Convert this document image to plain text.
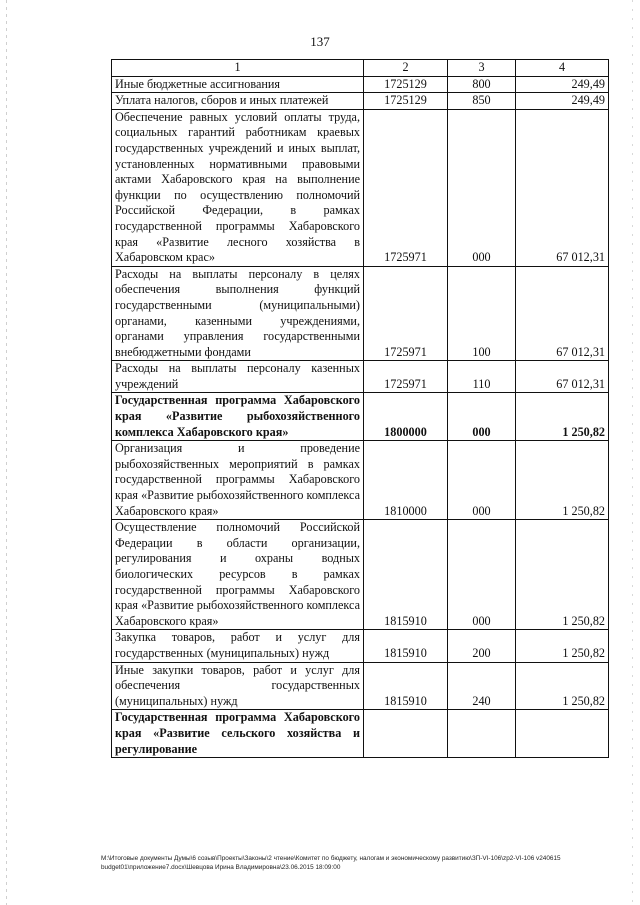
137
1	2	3	4
Иные бюджетные ассигнования	1725129	800	249,49
Уплата налогов, сборов и иных платежей	1725129	850	249,49
Обеспечение равных условий оплаты труда, социальных гарантий работникам краевых государственных учреждений и иных выплат, установленных нормативными правовыми актами Хабаровского края на выполнение функции по осуществлению полномочий Российской Федерации, в рамках государственной программы Хабаровского края «Развитие лесного хозяйства в Хабаровском крас»	1725971	000	67 012,31
Расходы на выплаты персоналу в целях обеспечения выполнения функций государственными (муниципальными) органами, казенными учреждениями, органами управления государственными внебюджетными фондами	1725971	100	67 012,31
Расходы на выплаты персоналу казенных учреждений	1725971	110	67 012,31
Государственная программа Хабаровского края «Развитие рыбохозяйственного комплекса Хабаровского края»	1800000	000	1 250,82
Организация и проведение рыбохозяйственных мероприятий в рамках государственной программы Хабаровского края «Развитие рыбохозяйственного комплекса Хабаровского края»	1810000	000	1 250,82
Осуществление полномочий Российской Федерации в области организации, регулирования и охраны водных биологических ресурсов в рамках государственной программы Хабаровского края «Развитие рыбохозяйственного комплекса Хабаровского края»	1815910	000	1 250,82
Закупка товаров, работ и услуг для государственных (муниципальных) нужд	1815910	200	1 250,82
Иные закупки товаров, работ и услуг для обеспечения государственных (муниципальных) нужд	1815910	240	1 250,82
Государственная программа Хабаровского края «Развитие сельского хозяйства и регулирование			
M:\Итоговые документы Думы\6 созыв\Проекты\Законы\2 чтение\Комитет по бюджету, налогам и экономическому развитию\ЗП-VI-106\zp2-VI-106 v240615 budget01\приложение7.docx\Шевцова Ирина Владимировна\23.06.2015 18:09:00
